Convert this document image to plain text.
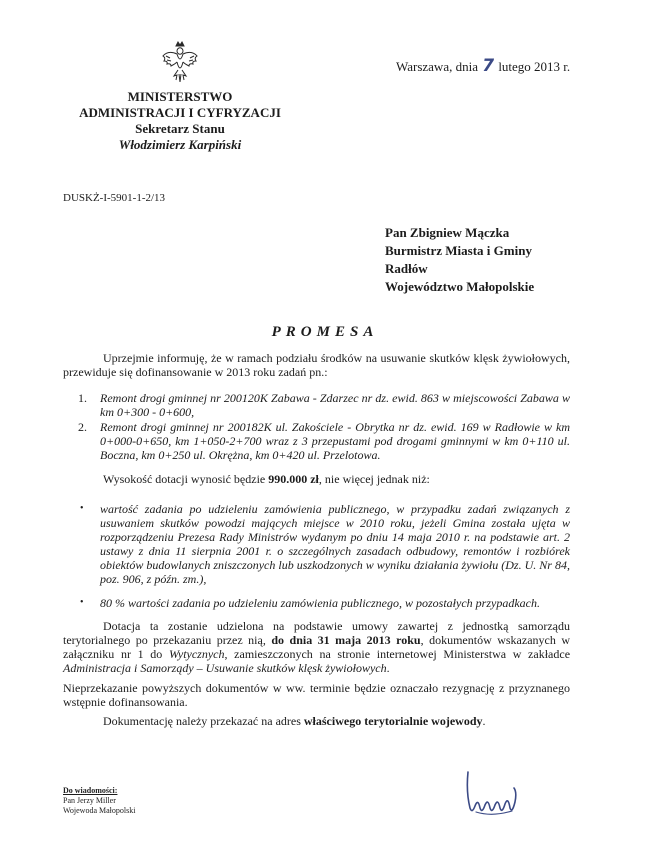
MINISTERSTWO
ADMINISTRACJI I CYFRYZACJI
Sekretarz Stanu
Włodzimierz Karpiński
Warszawa, dnia 7 lutego 2013 r.
DUSKŻ-I-5901-1-2/13
Pan Zbigniew Mączka
Burmistrz Miasta i Gminy
Radłów
Województwo Małopolskie
PROMESA
Uprzejmie informuję, że w ramach podziału środków na usuwanie skutków klęsk żywiołowych, przewiduje się dofinansowanie w 2013 roku zadań pn.:
1. Remont drogi gminnej nr 200120K Zabawa - Zdarzec nr dz. ewid. 863 w miejscowości Zabawa w km 0+300 - 0+600,
2. Remont drogi gminnej nr 200182K ul. Zakościele - Obrytka nr dz. ewid. 169 w Radłowie w km 0+000-0+650, km 1+050-2+700 wraz z 3 przepustami pod drogami gminnymi w km 0+110 ul. Boczna, km 0+250 ul. Okrężna, km 0+420 ul. Przelotowa.
Wysokość dotacji wynosić będzie 990.000 zł, nie więcej jednak niż:
• wartość zadania po udzieleniu zamówienia publicznego, w przypadku zadań związanych z usuwaniem skutków powodzi mających miejsce w 2010 roku, jeżeli Gmina została ujęta w rozporządzeniu Prezesa Rady Ministrów wydanym po dniu 14 maja 2010 r. na podstawie art. 2 ustawy z dnia 11 sierpnia 2001 r. o szczególnych zasadach odbudowy, remontów i rozbiórek obiektów budowlanych zniszczonych lub uszkodzonych w wyniku działania żywiołu (Dz. U. Nr 84, poz. 906, z późn. zm.),
• 80 % wartości zadania po udzieleniu zamówienia publicznego, w pozostałych przypadkach.
Dotacja ta zostanie udzielona na podstawie umowy zawartej z jednostką samorządu terytorialnego po przekazaniu przez nią, do dnia 31 maja 2013 roku, dokumentów wskazanych w załączniku nr 1 do Wytycznych, zamieszczonych na stronie internetowej Ministerstwa w zakładce Administracja i Samorządy – Usuwanie skutków klęsk żywiołowych.
Nieprzekazanie powyższych dokumentów w ww. terminie będzie oznaczało rezygnację z przyznanego wstępnie dofinansowania.
Dokumentację należy przekazać na adres właściwego terytorialnie wojewody.
Do wiadomości:
Pan Jerzy Miller
Wojewoda Małopolski
